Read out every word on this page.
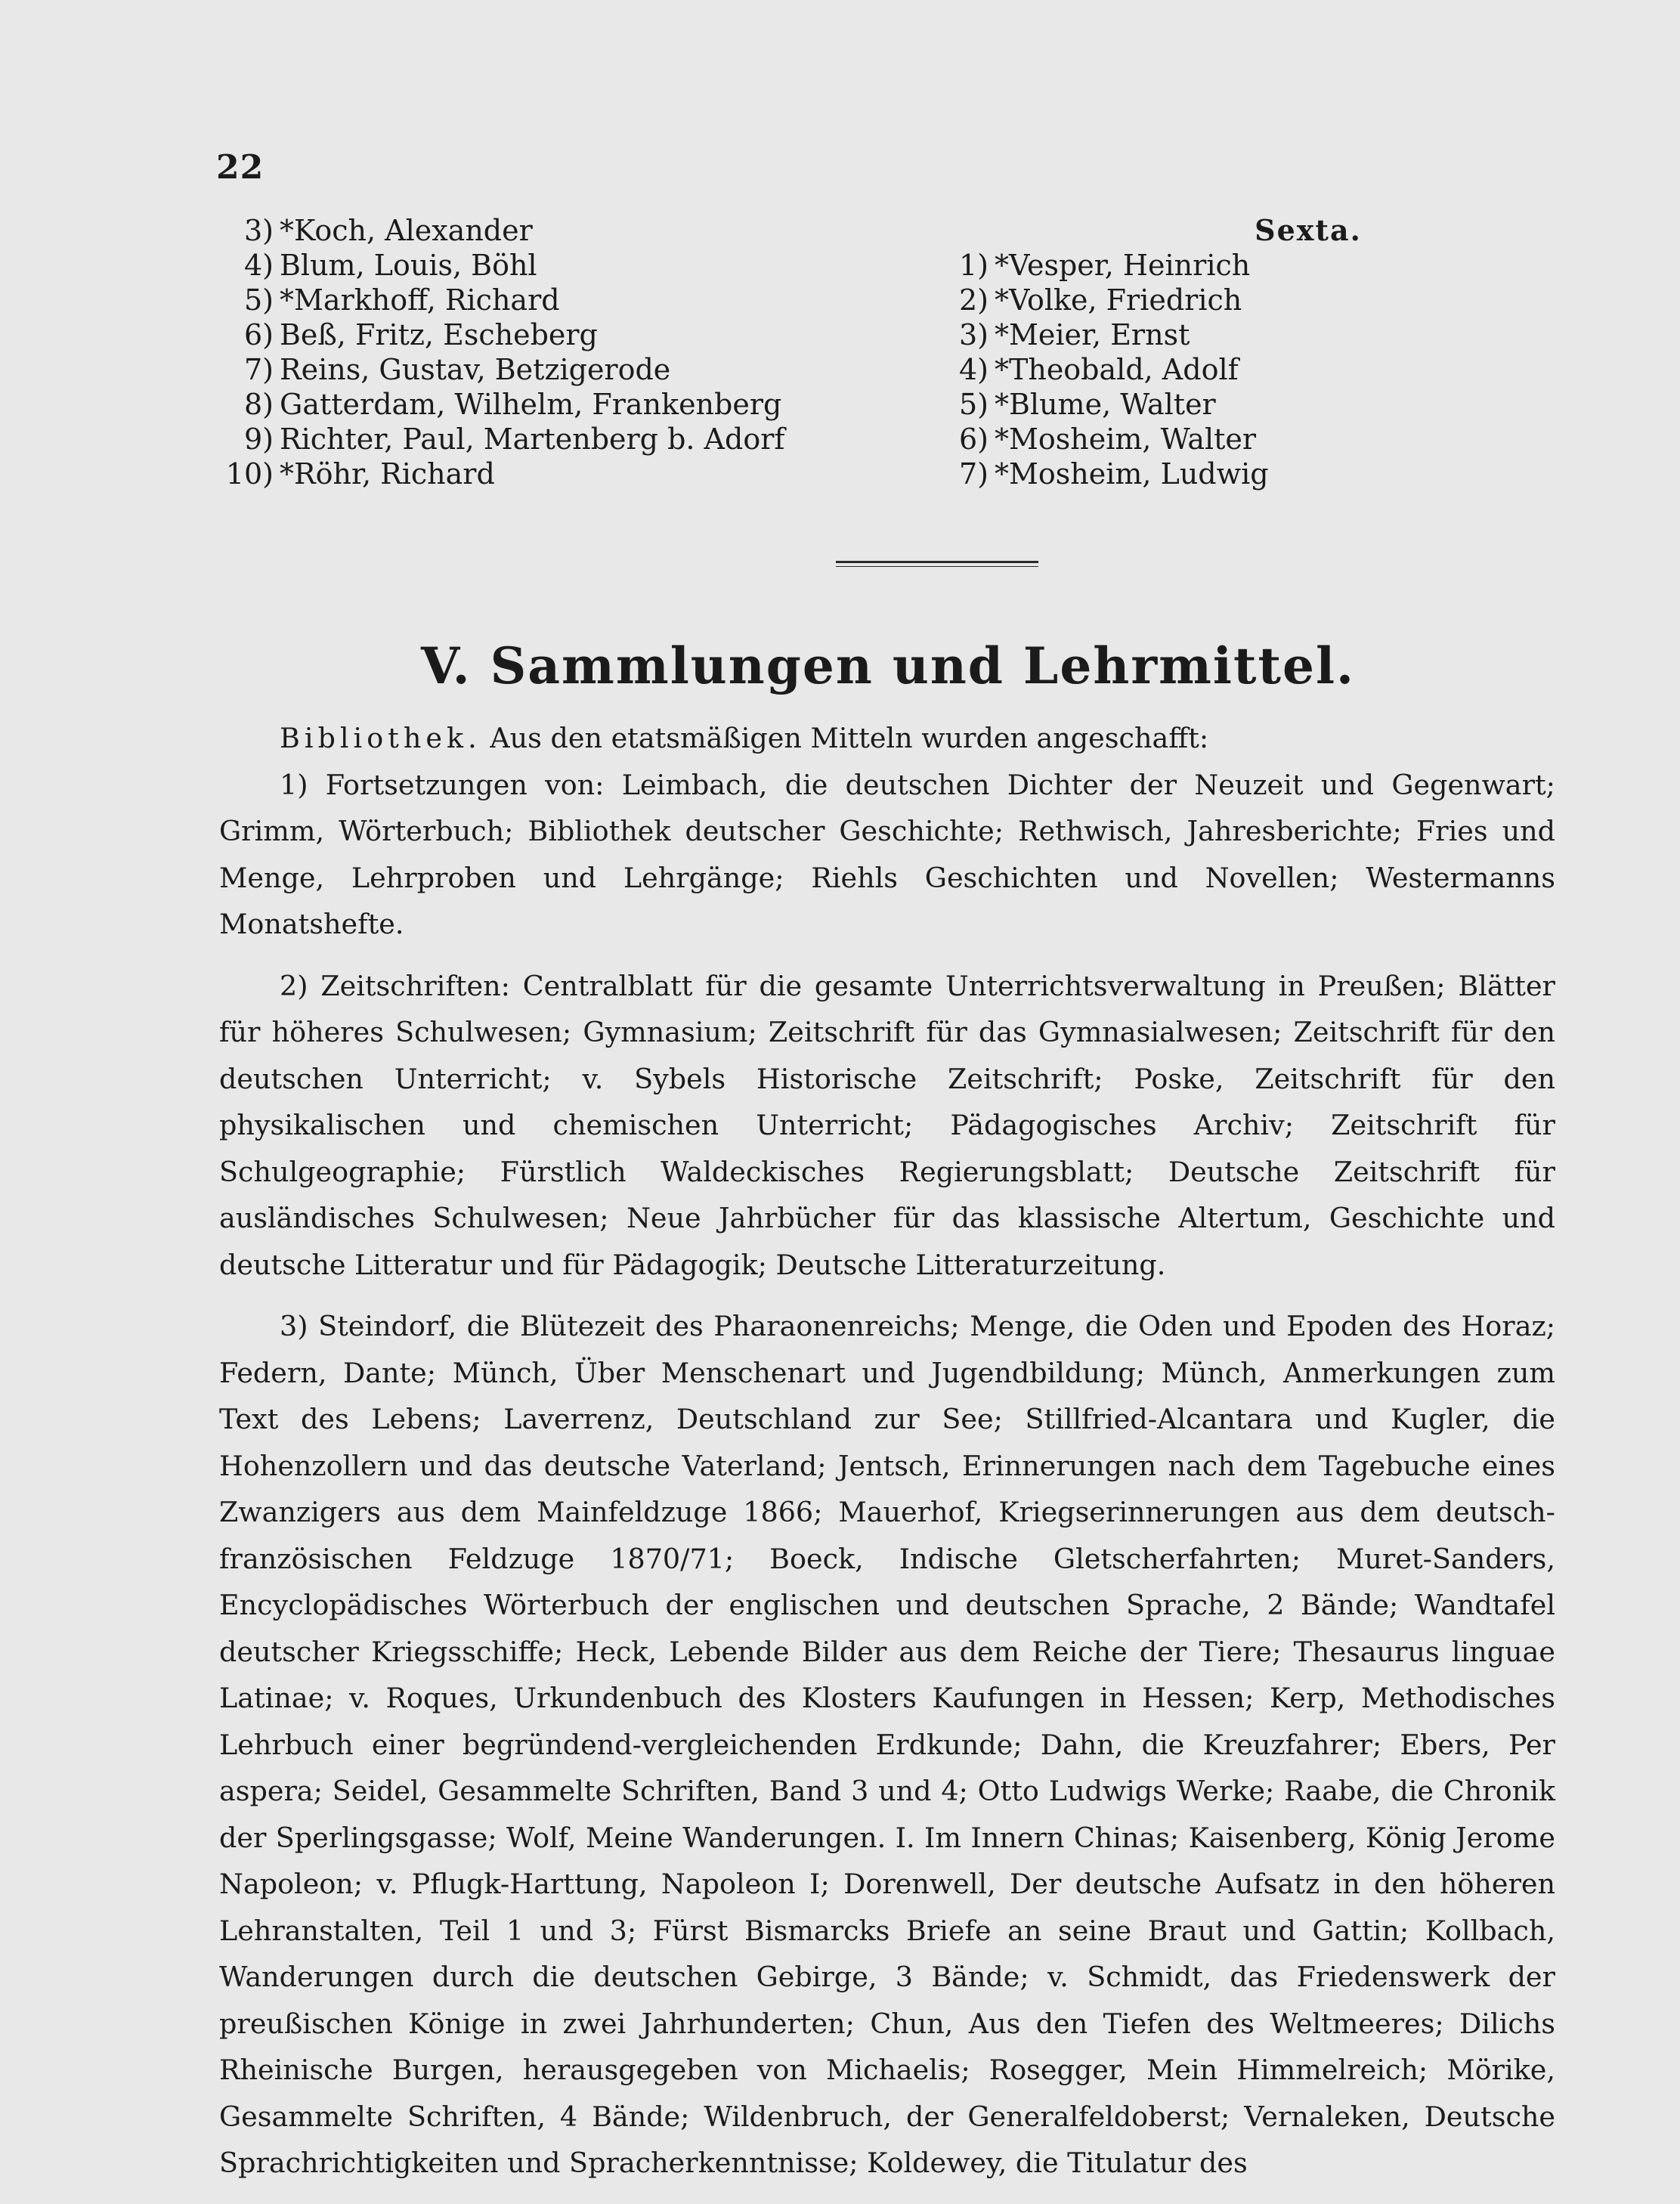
22
3) *Koch, Alexander
4) Blum, Louis, Böhl
5) *Markhoff, Richard
6) Beß, Fritz, Escheberg
7) Reins, Gustav, Betzigerode
8) Gatterdam, Wilhelm, Frankenberg
9) Richter, Paul, Martenberg b. Adorf
10) *Röhr, Richard
Sexta.
1) *Vesper, Heinrich
2) *Volke, Friedrich
3) *Meier, Ernst
4) *Theobald, Adolf
5) *Blume, Walter
6) *Mosheim, Walter
7) *Mosheim, Ludwig
V. Sammlungen und Lehrmittel.

Bibliothek. Aus den etatsmäßigen Mitteln wurden angeschafft:

1) Fortsetzungen von: Leimbach, die deutschen Dichter der Neuzeit und Gegenwart; Grimm, Wörterbuch; Bibliothek deutscher Geschichte; Rethwisch, Jahresberichte; Fries und Menge, Lehrproben und Lehrgänge; Riehls Geschichten und Novellen; Westermanns Monatshefte.

2) Zeitschriften: Centralblatt für die gesamte Unterrichtsverwaltung in Preußen; Blätter für höheres Schulwesen; Gymnasium; Zeitschrift für das Gymnasialwesen; Zeitschrift für den deutschen Unterricht; v. Sybels Historische Zeitschrift; Poske, Zeitschrift für den physikalischen und chemischen Unterricht; Pädagogisches Archiv; Zeitschrift für Schulgeographie; Fürstlich Waldeckisches Regierungsblatt; Deutsche Zeitschrift für ausländisches Schulwesen; Neue Jahrbücher für das klassische Altertum, Geschichte und deutsche Litteratur und für Pädagogik; Deutsche Litteraturzeitung.

3) Steindorf, die Blütezeit des Pharaonenreichs; Menge, die Oden und Epoden des Horaz; Federn, Dante; Münch, Über Menschenart und Jugendbildung; Münch, Anmerkungen zum Text des Lebens; Laverrenz, Deutschland zur See; Stillfried-Alcantara und Kugler, die Hohenzollern und das deutsche Vaterland; Jentsch, Erinnerungen nach dem Tagebuche eines Zwanzigers aus dem Mainfeldzuge 1866; Mauerhof, Kriegserinnerungen aus dem deutsch-französischen Feldzuge 1870/71; Boeck, Indische Gletscherfahrten; Muret-Sanders, Encyclopädisches Wörterbuch der englischen und deutschen Sprache, 2 Bände; Wandtafel deutscher Kriegsschiffe; Heck, Lebende Bilder aus dem Reiche der Tiere; Thesaurus linguae Latinae; v. Roques, Urkundenbuch des Klosters Kaufungen in Hessen; Kerp, Methodisches Lehrbuch einer begründend-vergleichenden Erdkunde; Dahn, die Kreuzfahrer; Ebers, Per aspera; Seidel, Gesammelte Schriften, Band 3 und 4; Otto Ludwigs Werke; Raabe, die Chronik der Sperlingsgasse; Wolf, Meine Wanderungen. I. Im Innern Chinas; Kaisenberg, König Jerome Napoleon; v. Pflugk-Harttung, Napoleon I; Dorenwell, Der deutsche Aufsatz in den höheren Lehranstalten, Teil 1 und 3; Fürst Bismarcks Briefe an seine Braut und Gattin; Kollbach, Wanderungen durch die deutschen Gebirge, 3 Bände; v. Schmidt, das Friedenswerk der preußischen Könige in zwei Jahrhunderten; Chun, Aus den Tiefen des Weltmeeres; Dilichs Rheinische Burgen, herausgegeben von Michaelis; Rosegger, Mein Himmelreich; Mörike, Gesammelte Schriften, 4 Bände; Wildenbruch, der Generalfeldoberst; Vernaleken, Deutsche Sprachrichtigkeiten und Spracherkenntnisse; Koldewey, die Titulatur des
